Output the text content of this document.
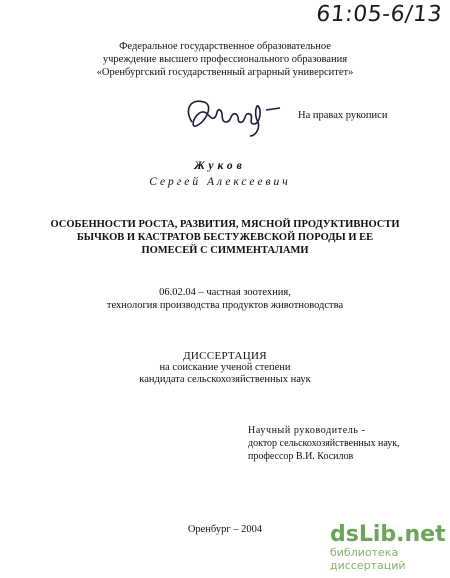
61:05-6/13
Федеральное государственное образовательное
учреждение высшего профессионального образования
«Оренбургский государственный аграрный университет»
На правах рукописи
Жуков
Сергей Алексеевич
ОСОБЕННОСТИ РОСТА, РАЗВИТИЯ, МЯСНОЙ ПРОДУКТИВНОСТИ
БЫЧКОВ И КАСТРАТОВ БЕСТУЖЕВСКОЙ ПОРОДЫ И ЕЕ
ПОМЕСЕЙ С СИММЕНТАЛАМИ
06.02.04 – частная зоотехния,
технология производства продуктов животноводства
ДИССЕРТАЦИЯ
на соискание ученой степени
кандидата сельскохозяйственных наук
Научный руководитель -
доктор сельскохозяйственных наук,
профессор В.И. Косилов
Оренбург – 2004	dsLib.net
библиотека диссертаций
